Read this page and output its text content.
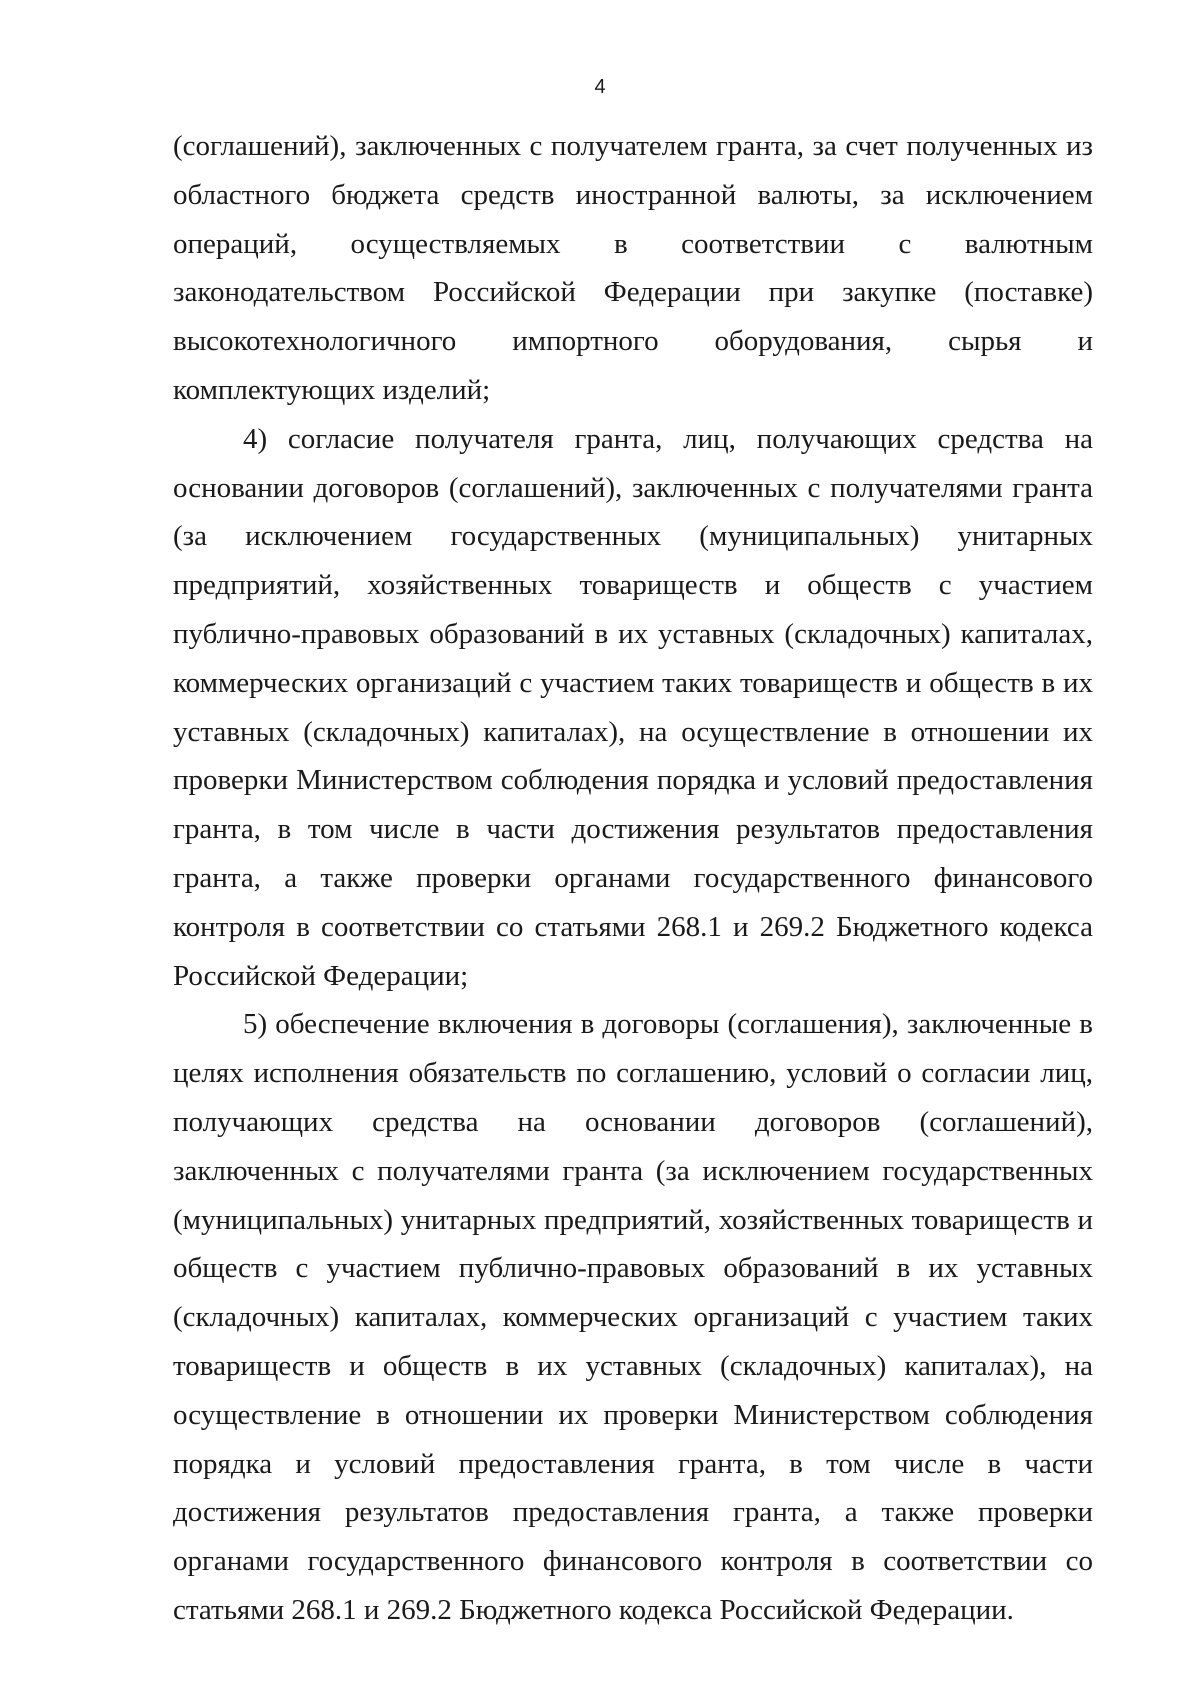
4

(соглашений), заключенных с получателем гранта, за счет полученных из областного бюджета средств иностранной валюты, за исключением операций, осуществляемых в соответствии с валютным законодательством Российской Федерации при закупке (поставке) высокотехнологичного импортного оборудования, сырья и комплектующих изделий;

4) согласие получателя гранта, лиц, получающих средства на основании договоров (соглашений), заключенных с получателями гранта (за исключением государственных (муниципальных) унитарных предприятий, хозяйственных товариществ и обществ с участием публично-правовых образований в их уставных (складочных) капиталах, коммерческих организаций с участием таких товариществ и обществ в их уставных (складочных) капиталах), на осуществление в отношении их проверки Министерством соблюдения порядка и условий предоставления гранта, в том числе в части достижения результатов предоставления гранта, а также проверки органами государственного финансового контроля в соответствии со статьями 268.1 и 269.2 Бюджетного кодекса Российской Федерации;

5) обеспечение включения в договоры (соглашения), заключенные в целях исполнения обязательств по соглашению, условий о согласии лиц, получающих средства на основании договоров (соглашений), заключенных с получателями гранта (за исключением государственных (муниципальных) унитарных предприятий, хозяйственных товариществ и обществ с участием публично-правовых образований в их уставных (складочных) капиталах, коммерческих организаций с участием таких товариществ и обществ в их уставных (складочных) капиталах), на осуществление в отношении их проверки Министерством соблюдения порядка и условий предоставления гранта, в том числе в части достижения результатов предоставления гранта, а также проверки органами государственного финансового контроля в соответствии со статьями 268.1 и 269.2 Бюджетного кодекса Российской Федерации.
